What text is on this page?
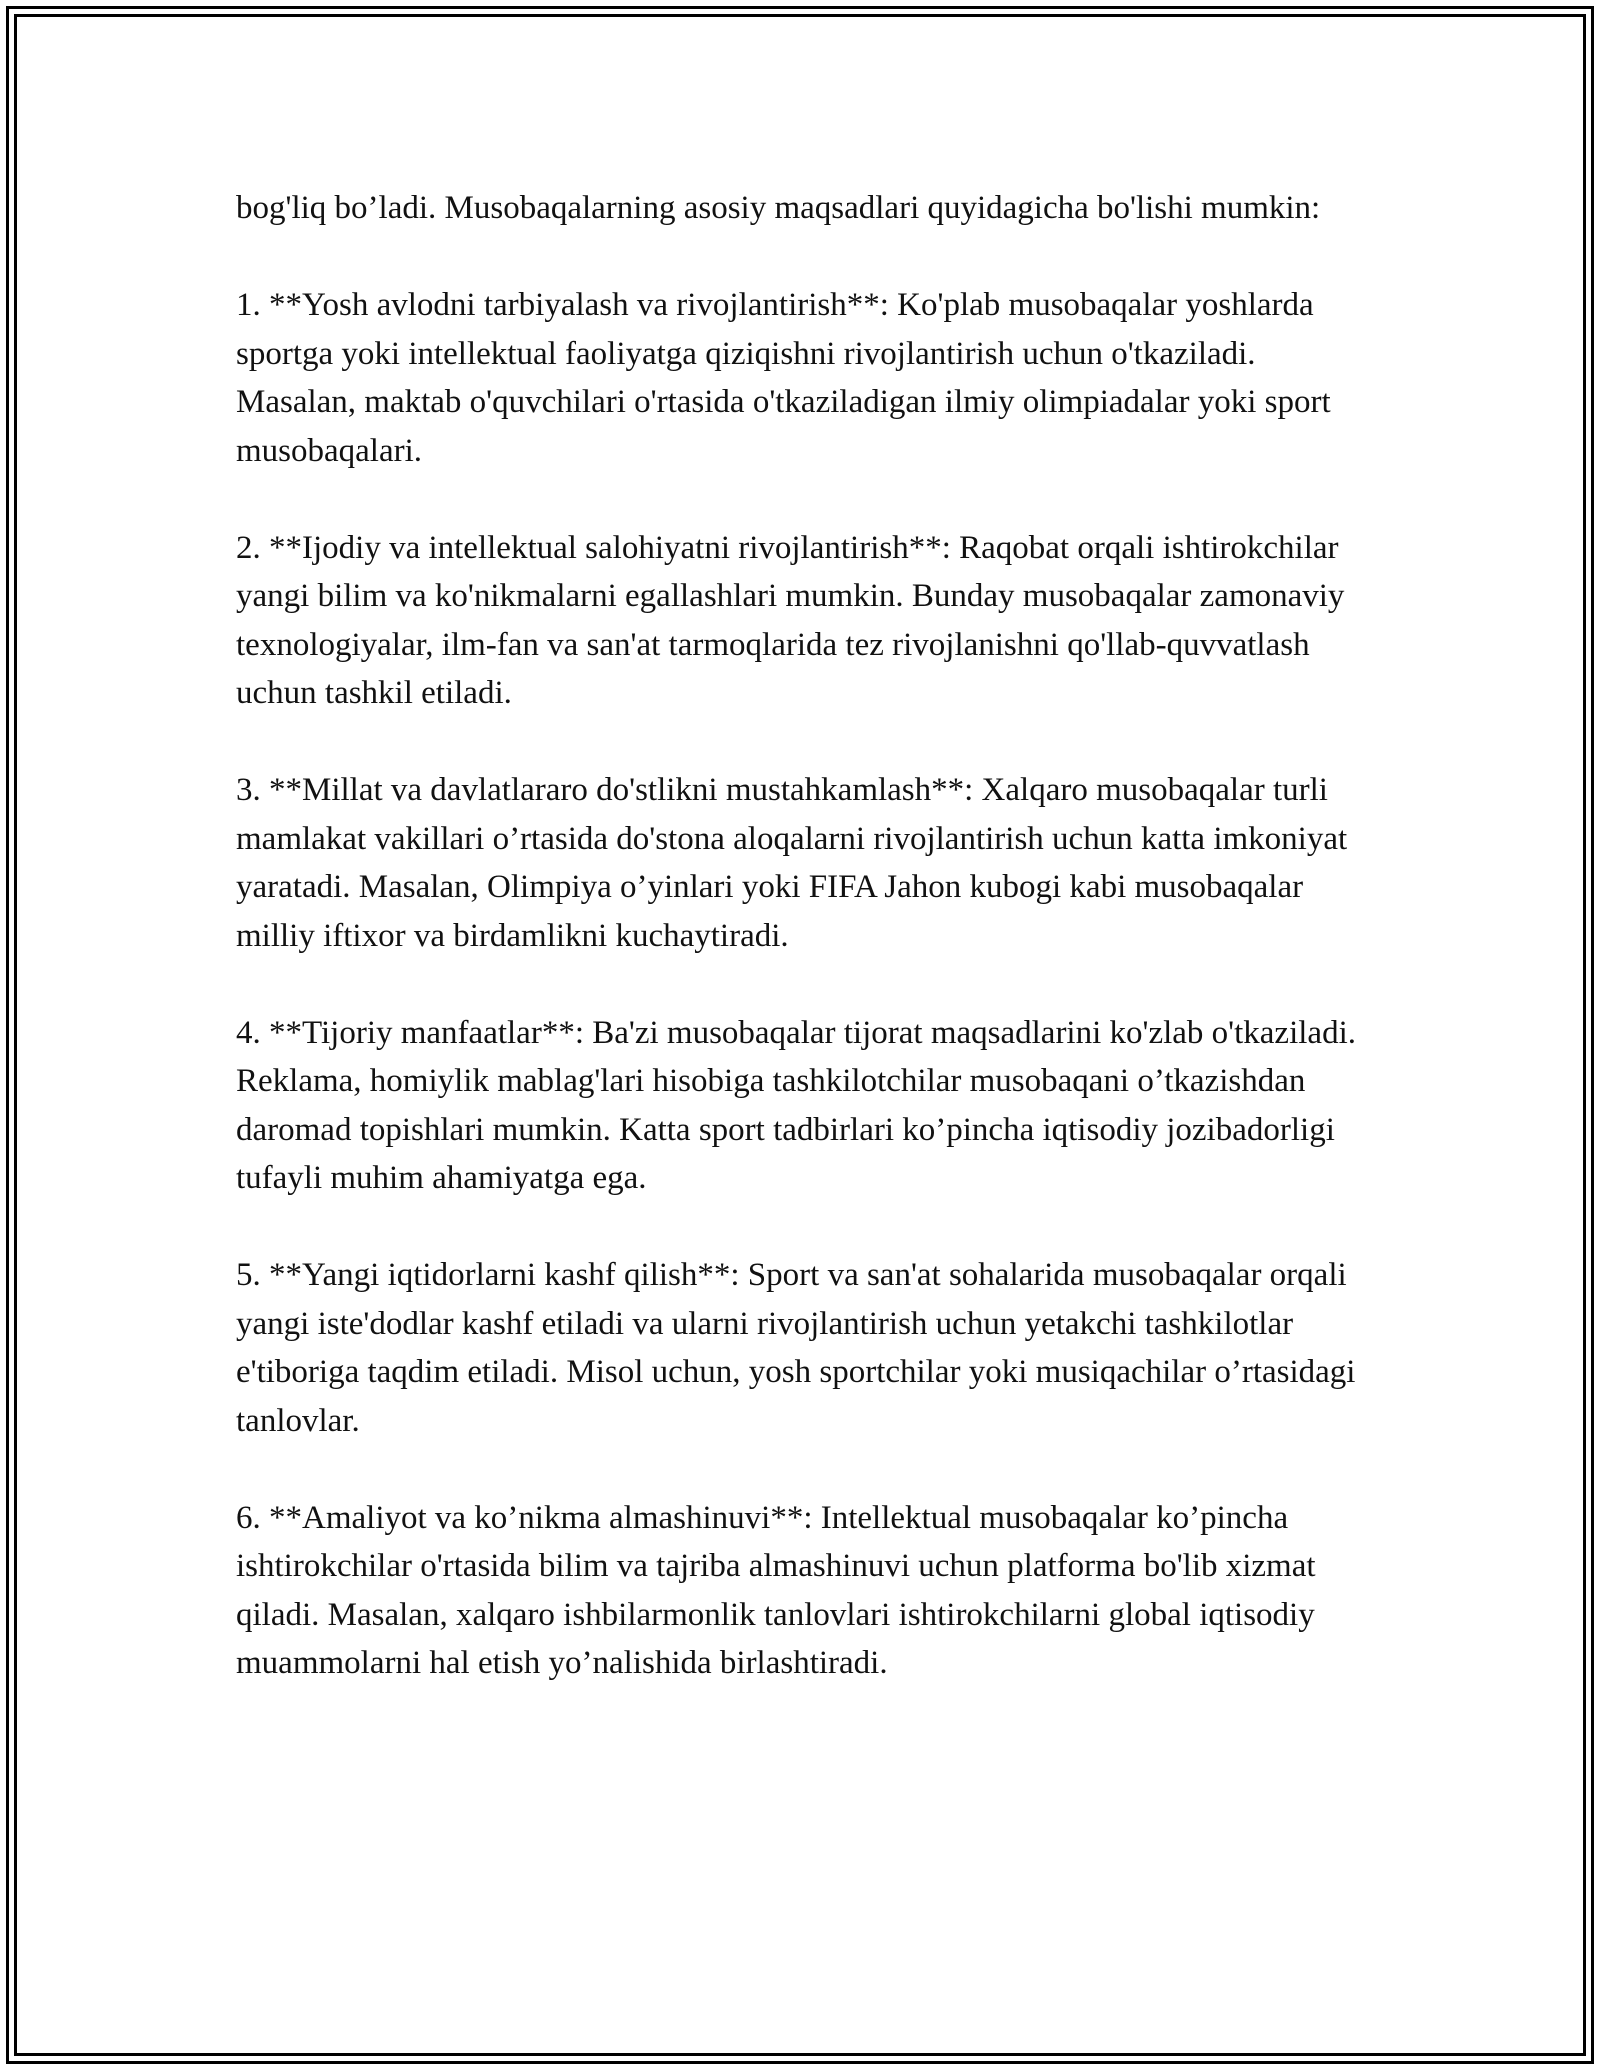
bog'liq bo’ladi. Musobaqalarning asosiy maqsadlari quyidagicha bo'lishi mumkin:

1. **Yosh avlodni tarbiyalash va rivojlantirish**: Ko'plab musobaqalar yoshlarda sportga yoki intellektual faoliyatga qiziqishni rivojlantirish uchun o'tkaziladi. Masalan, maktab o'quvchilari o'rtasida o'tkaziladigan ilmiy olimpiadalar yoki sport musobaqalari.

2. **Ijodiy va intellektual salohiyatni rivojlantirish**: Raqobat orqali ishtirokchilar yangi bilim va ko'nikmalarni egallashlari mumkin. Bunday musobaqalar zamonaviy texnologiyalar, ilm-fan va san'at tarmoqlarida tez rivojlanishni qo'llab-quvvatlash uchun tashkil etiladi.

3. **Millat va davlatlararo do'stlikni mustahkamlash**: Xalqaro musobaqalar turli mamlakat vakillari o’rtasida do'stona aloqalarni rivojlantirish uchun katta imkoniyat yaratadi. Masalan, Olimpiya o’yinlari yoki FIFA Jahon kubogi kabi musobaqalar milliy iftixor va birdamlikni kuchaytiradi.

4. **Tijoriy manfaatlar**: Ba'zi musobaqalar tijorat maqsadlarini ko'zlab o'tkaziladi. Reklama, homiylik mablag'lari hisobiga tashkilotchilar musobaqani o’tkazishdan daromad topishlari mumkin. Katta sport tadbirlari ko’pincha iqtisodiy jozibadorligi tufayli muhim ahamiyatga ega.

5. **Yangi iqtidorlarni kashf qilish**: Sport va san'at sohalarida musobaqalar orqali yangi iste'dodlar kashf etiladi va ularni rivojlantirish uchun yetakchi tashkilotlar e'tiboriga taqdim etiladi. Misol uchun, yosh sportchilar yoki musiqachilar o’rtasidagi tanlovlar.

6. **Amaliyot va ko’nikma almashinuvi**: Intellektual musobaqalar ko’pincha ishtirokchilar o'rtasida bilim va tajriba almashinuvi uchun platforma bo'lib xizmat qiladi. Masalan, xalqaro ishbilarmonlik tanlovlari ishtirokchilarni global iqtisodiy muammolarni hal etish yo’nalishida birlashtiradi.
